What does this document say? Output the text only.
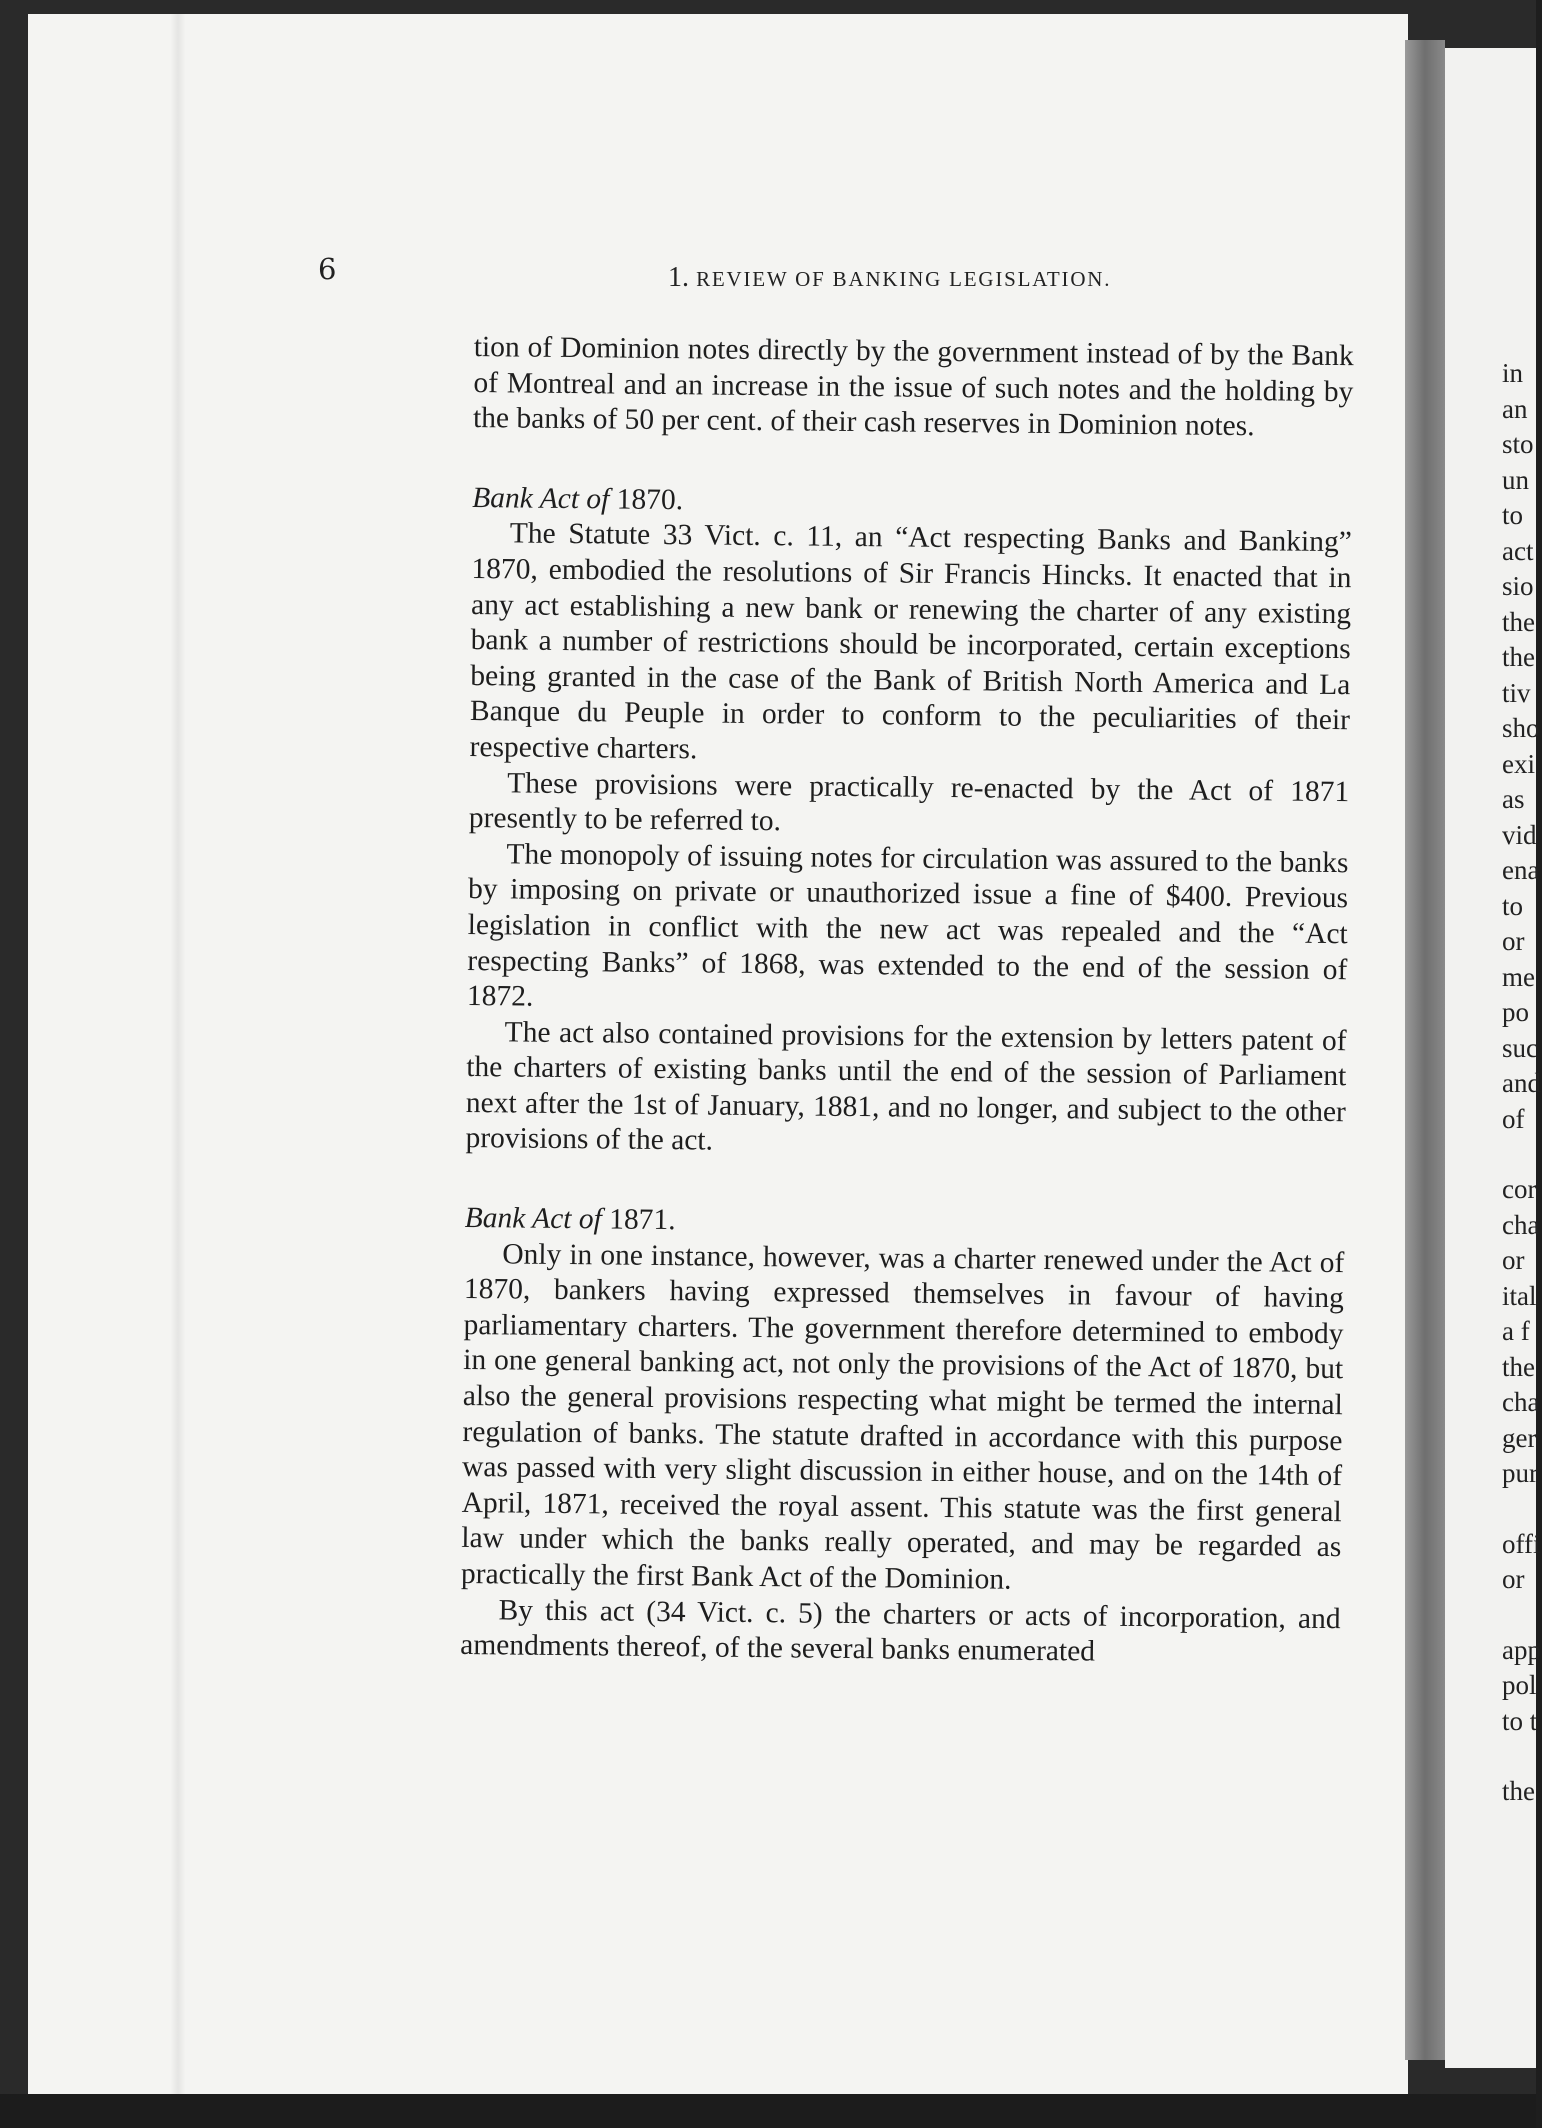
6	1. REVIEW OF BANKING LEGISLATION.

tion of Dominion notes directly by the government instead of by the Bank of Montreal and an increase in the issue of such notes and the holding by the banks of 50 per cent. of their cash reserves in Dominion notes.

Bank Act of 1870.

The Statute 33 Vict. c. 11, an “Act respecting Banks and Banking” 1870, embodied the resolutions of Sir Francis Hincks. It enacted that in any act establishing a new bank or renewing the charter of any existing bank a number of restrictions should be incorporated, certain exceptions being granted in the case of the Bank of British North America and La Banque du Peuple in order to conform to the peculiarities of their respective charters.

These provisions were practically re-enacted by the Act of 1871 presently to be referred to.

The monopoly of issuing notes for circulation was assured to the banks by imposing on private or unauthorized issue a fine of $400. Previous legislation in conflict with the new act was repealed and the “Act respecting Banks” of 1868, was extended to the end of the session of 1872.

The act also contained provisions for the extension by letters patent of the charters of existing banks until the end of the session of Parliament next after the 1st of January, 1881, and no longer, and subject to the other provisions of the act.

Bank Act of 1871.

Only in one instance, however, was a charter renewed under the Act of 1870, bankers having expressed themselves in favour of having parliamentary charters. The government therefore determined to embody in one general banking act, not only the provisions of the Act of 1870, but also the general provisions respecting what might be termed the internal regulation of banks. The statute drafted in accordance with this purpose was passed with very slight discussion in either house, and on the 14th of April, 1871, received the royal assent. This statute was the first general law under which the banks really operated, and may be regarded as practically the first Bank Act of the Dominion.

By this act (34 Vict. c. 5) the charters or acts of incorporation, and amendments thereof, of the several banks enumerated

in
an
sto
un
to
act
sio
the
the
tiv
sho
exi
as
vid
ena
to
or
me
po
suc
and
of
cor
cha
or
ital
a f
the
cha
ger
pur
offi
or
app
pol
to t
the
